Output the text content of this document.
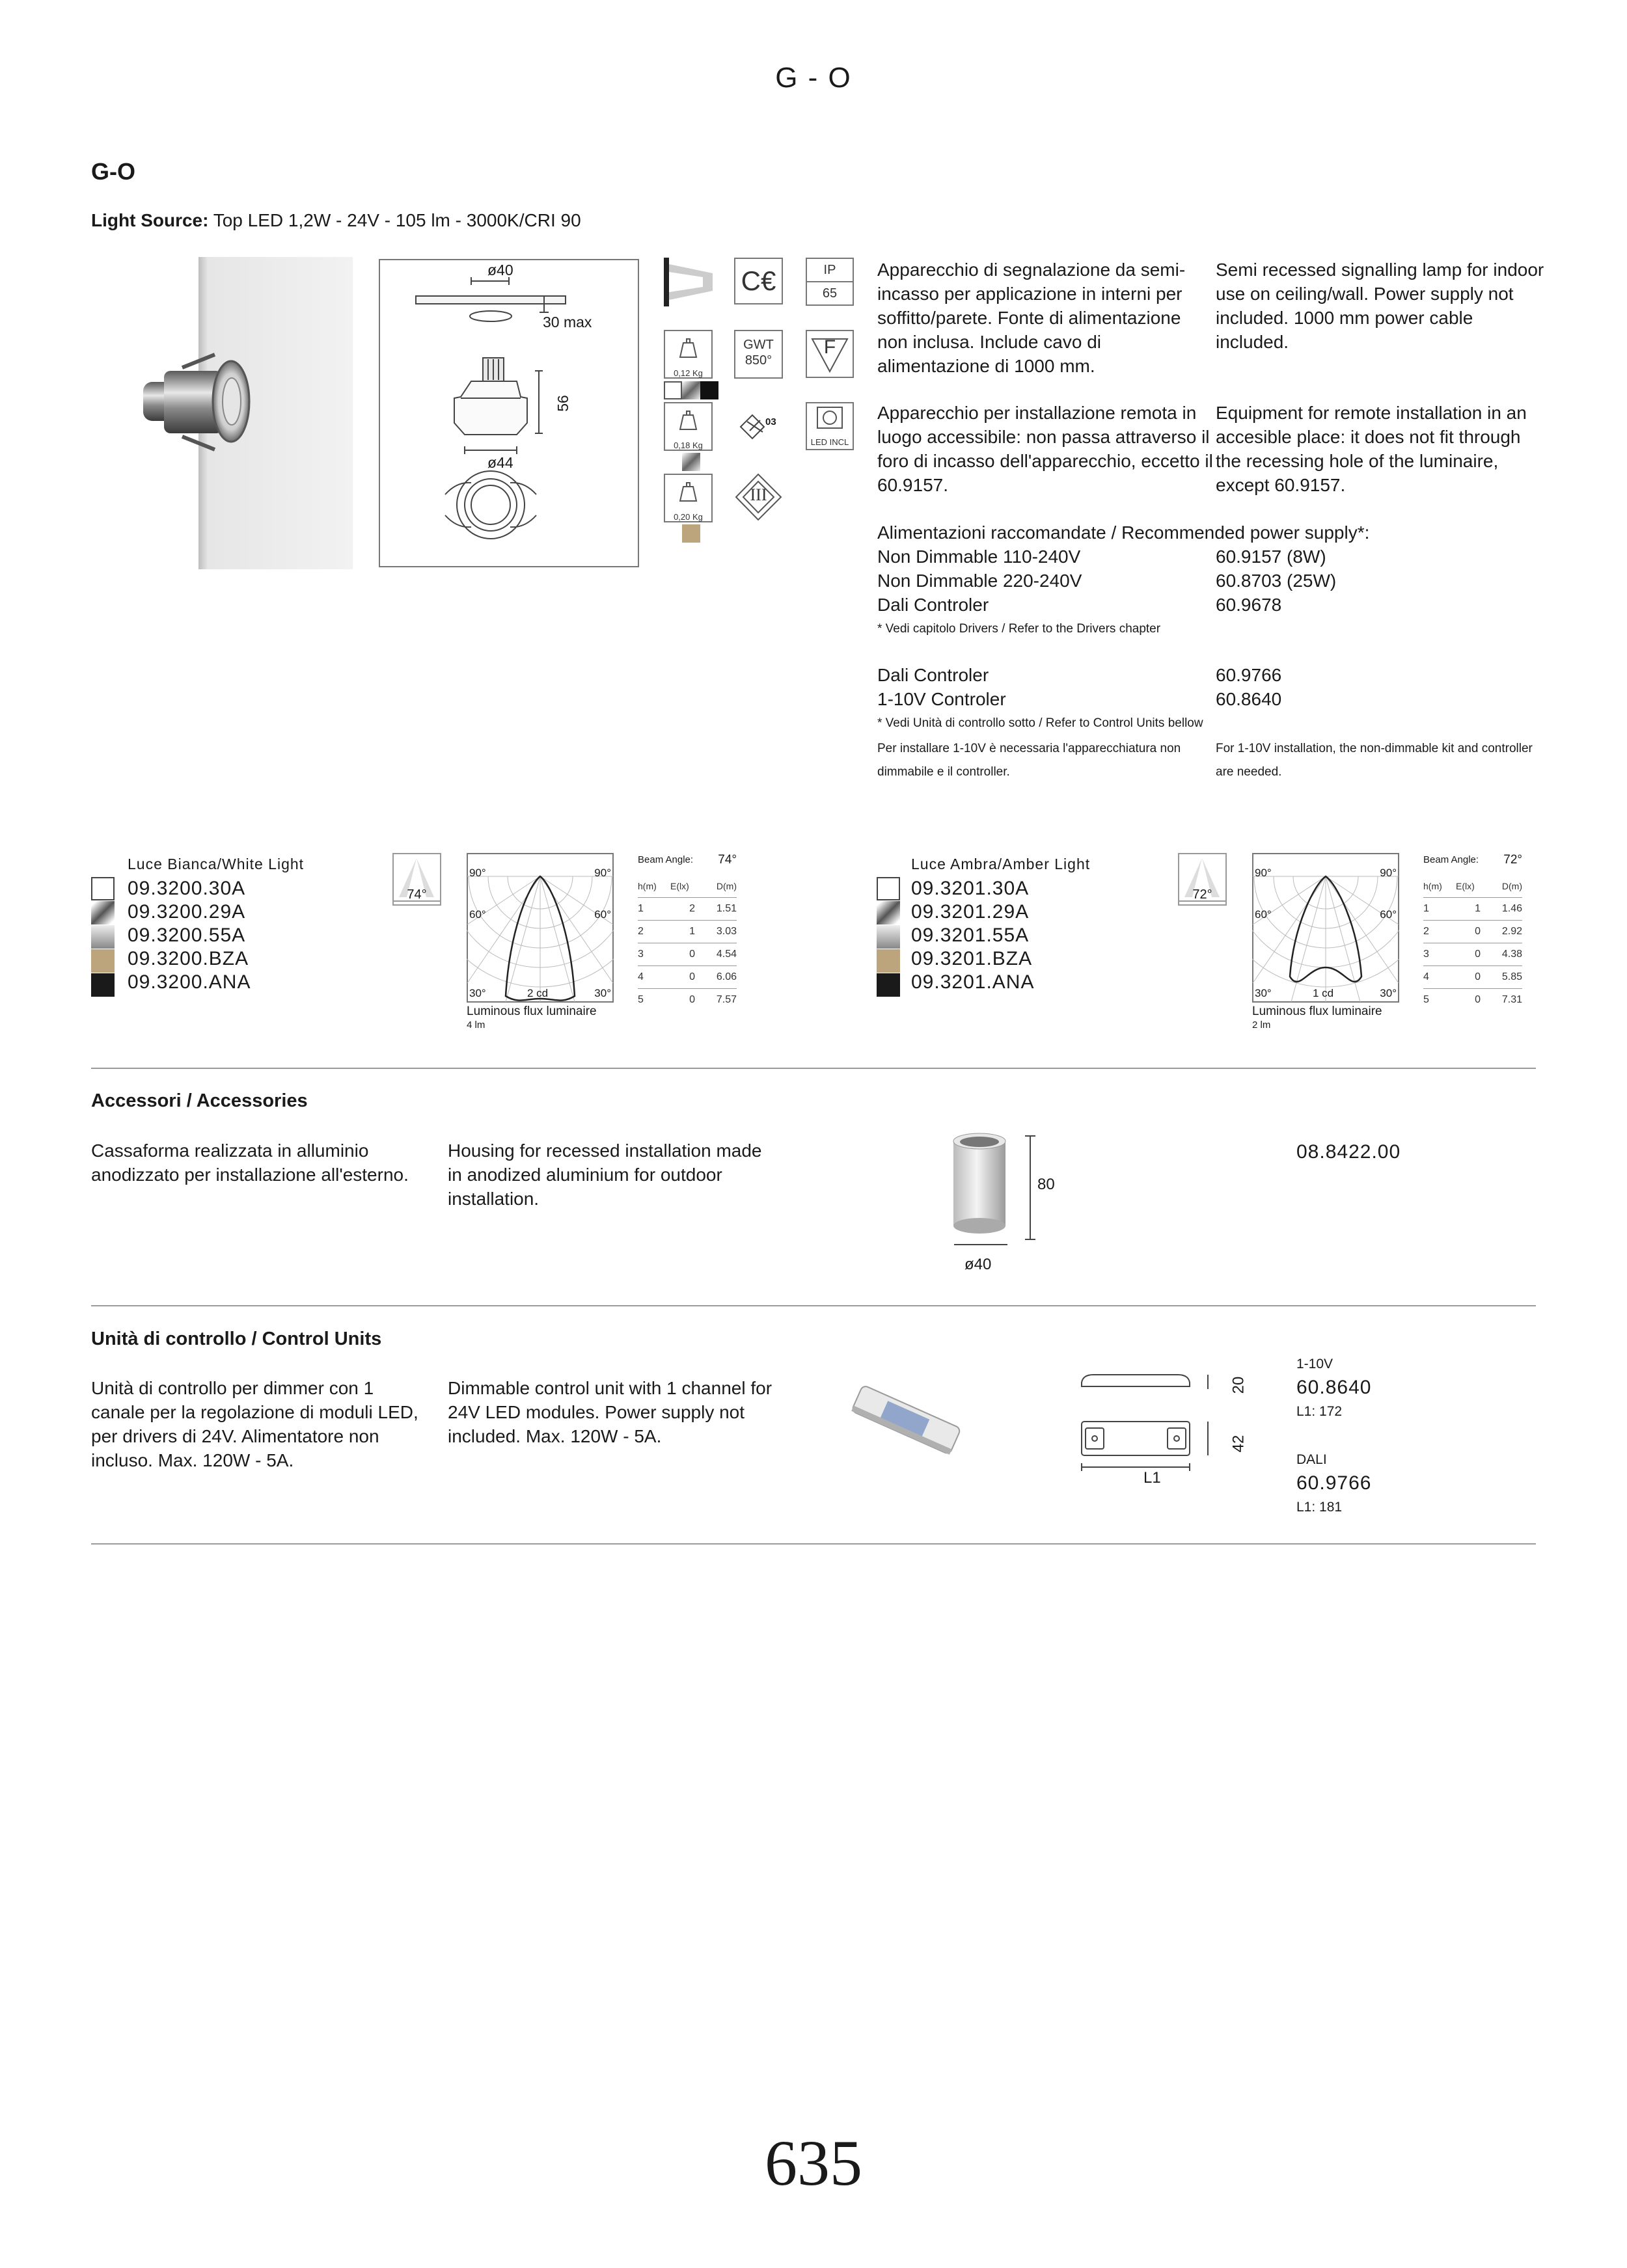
G - O
G-O
Light Source: Top LED 1,2W - 24V - 105 lm - 3000K/CRI 90
ø40
30 max
56
ø44
C€	IP
65
0,12 Kg
GWT
850°
F
0,18 Kg
03
LED INCL
0,20 Kg
III
Apparecchio di segnalazione da semi-incasso per applicazione in interni per soffitto/parete. Fonte di alimentazione non inclusa. Include cavo di alimentazione di 1000 mm.
Semi recessed signalling lamp for indoor use on ceiling/wall. Power supply not included. 1000 mm power cable included.
Apparecchio per installazione remota in luogo accessibile: non passa attraverso il foro di incasso dell'apparecchio, eccetto il 60.9157.
Equipment for remote installation in an accesible place: it does not fit through the recessing hole of the luminaire, except 60.9157.
Alimentazioni raccomandate / Recommended power supply*:
Non Dimmable 110-240V	60.9157 (8W)
Non Dimmable 220-240V	60.8703 (25W)
Dali Controler	60.9678
* Vedi capitolo Drivers / Refer to the Drivers chapter
Dali Controler	60.9766
1-10V Controler	60.8640
* Vedi Unità di controllo sotto / Refer to Control Units bellow
Per installare 1-10V è necessaria l'apparecchiatura non dimmabile e il controller.
For 1-10V installation, the non-dimmable kit and controller are needed.
Luce Bianca/White Light
09.3200.30A
09.3200.29A
09.3200.55A
09.3200.BZA
09.3200.ANA
74°
90°	90°
60°	60°
30°	30°
2 cd
Luminous flux luminaire
4 lm
Beam Angle: 74°
h(m)	E(lx)	D(m)
1	2	1.51
2	1	3.03
3	0	4.54
4	0	6.06
5	0	7.57
Luce Ambra/Amber Light
09.3201.30A
09.3201.29A
09.3201.55A
09.3201.BZA
09.3201.ANA
72°
90°	90°
60°	60°
30°	30°
1 cd
Luminous flux luminaire
2 lm
Beam Angle: 72°
h(m)	E(lx)	D(m)
1	1	1.46
2	0	2.92
3	0	4.38
4	0	5.85
5	0	7.31
Accessori / Accessories
Cassaforma realizzata in alluminio anodizzato per installazione all'esterno.
Housing for recessed installation made in anodized aluminium for outdoor installation.
80
ø40
08.8422.00
Unità di controllo / Control Units
Unità di controllo per dimmer con 1 canale per la regolazione di moduli LED, per drivers di 24V. Alimentatore non incluso. Max. 120W - 5A.
Dimmable control unit with 1 channel for 24V LED modules. Power supply not included. Max. 120W - 5A.
20
42
L1
1-10V
60.8640
L1: 172
DALI
60.9766
L1: 181
635
